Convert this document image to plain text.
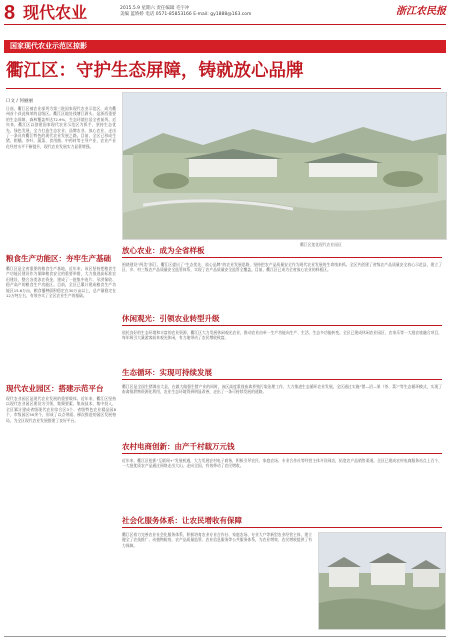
8 现代农业	2015.5.9 星期六 责任编辑 毛宇冲
美编 蓝娇娇 电话 0571-85853166 E-mail: gy1888@163.com	浙江农民报
国家现代农业示范区掠影
衢江区：守护生态屏障，铸就放心品牌
口文 / 何丽丽
日前，衢江区被农业部列为第三批国家现代农业示范区，成为衢州首个获此殊荣的县级区。衢江区地处钱塘江源头，是浙西重要的生态屏障，森林覆盖率达72.9%，生态环境位居全省前列。近年来，衢江区以创建国家现代农业示范区为抓手，坚持生态优先、绿色发展，全力打造生态农业、品牌农业、放心农业，走出了一条具有衢江特色的现代农业发展之路。目前，全区已形成生猪、柑橘、茶叶、蔬菜、食用菌、中药材等主导产业，农业产业化经营水平不断提升，现代农业发展实力显著增强。
粮食生产功能区：夯牢生产基础
衢江区是全省重要的粮食生产基地，近年来，该区坚持把粮食生产功能区建设作为保障粮食安全的重要举措，大力推进高标准农田建设，整合各类涉农资金，建成了一批集中连片、旱涝保收、稳产高产的粮食生产功能区。目前，全区已累计建成粮食生产功能区15.6万亩，粮食播种面积稳定在30万亩以上，总产量稳定在12万吨左右，有效夯实了全区农业生产的基础。
现代农业园区：搭建示范平台
现代农业园区是现代农业发展的重要载体。近年来，衢江区坚持以现代农业园区建设为引领，集聚要素、集成技术、集中投入，全区累计建成省级现代农业综合区3个、省级特色农业精品园8个，市级园区50余个，形成了以点带面、梯次推进的园区发展格局，为全区现代农业发展搭建了良好平台。
衢江区莲花现代农业园区
放心农业：成为全省样板
围绕建设“两美”浙江、衢江区提出了“生态优先、放心品牌”的农业发展思路，坚持把农产品质量安全作为现代农业发展的生命线来抓。全区共创建了省级农产品质量安全放心示范县，建立了区、乡、村三级农产品质量安全监管体系，实现了农产品质量安全监管全覆盖。目前，衢江区已成为全省放心农业的样板区。
休闲观光：引领农业转型升级
依托良好的生态环境和丰富的农业资源，衢江区大力发展休闲观光农业，推动农业由单一生产功能向生产、生活、生态多功能转变。全区已建成休闲农业园区、农家乐等一大批农旅融合项目，每年吸引大量游客前来观光休闲，有力地带动了农民增收致富。
生态循环：实现可持续发展
衢江区是全国生猪调出大县，在做大做强生猪产业的同时，该区高度重视畜禽养殖污染治理工作，大力推进生态循环农业发展。全区通过实施“猪—沼—果（茶、菜）”等生态循环模式，实现了畜禽排泄物资源化利用，农业生态环境得到明显改善，走出了一条可持续发展的道路。
农村电商创新：由产千村载万元钱
近年来，衢江区抢抓“互联网+”发展机遇，大力发展农村电子商务，积极引导农民、家庭农场、专业合作社等经营主体开设网店，拓宽农产品销售渠道。全区已建成农村电商服务站点上百个，一大批优质农产品通过网络走出大山、走向全国，有效带动了农民增收。
社会化服务体系：让农民增收有保障
衢江区着力完善农业社会化服务体系，积极培育农业专业合作社、家庭农场、专业大户等新型农业经营主体，建立健全了农技推广、动植物防疫、农产品质量监管、农业信息服务等公共服务体系，为农业增效、农民增收提供了有力保障。
